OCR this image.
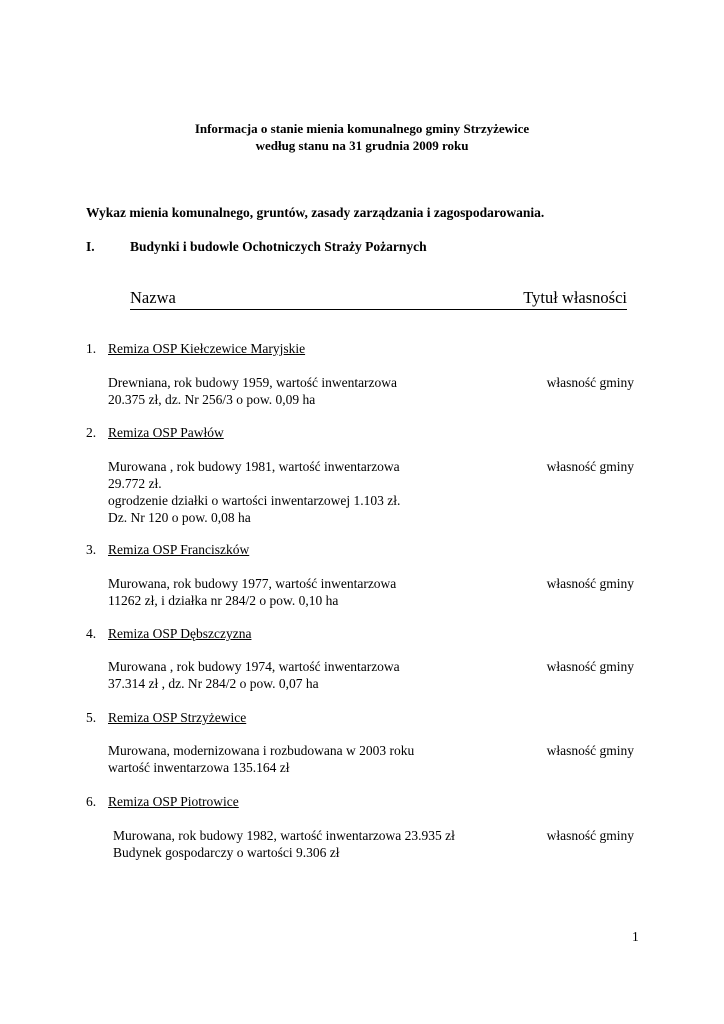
Informacja o stanie mienia komunalnego gminy Strzyżewice
według stanu na 31 grudnia 2009 roku
Wykaz mienia komunalnego, gruntów, zasady zarządzania i zagospodarowania.
I.	Budynki i budowle Ochotniczych Straży Pożarnych
Nazwa	Tytuł własności
1. Remiza OSP Kiełczewice Maryjskie
Drewniana, rok budowy 1959, wartość inwentarzowa
20.375 zł, dz. Nr 256/3 o pow. 0,09 ha
własność gminy
2. Remiza OSP Pawłów
Murowana , rok budowy 1981, wartość inwentarzowa
29.772 zł.
ogrodzenie działki o wartości inwentarzowej 1.103 zł.
Dz. Nr 120 o pow. 0,08 ha
własność gminy
3. Remiza OSP Franciszków
Murowana, rok budowy 1977, wartość inwentarzowa
11262 zł, i działka nr 284/2 o pow. 0,10 ha
własność gminy
4. Remiza OSP Dębszczyzna
Murowana , rok budowy 1974, wartość inwentarzowa
37.314 zł , dz. Nr 284/2 o pow. 0,07 ha
własność gminy
5. Remiza OSP Strzyżewice
Murowana, modernizowana i rozbudowana w 2003 roku
wartość inwentarzowa 135.164 zł
własność gminy
6. Remiza OSP Piotrowice
Murowana, rok budowy 1982, wartość inwentarzowa 23.935 zł
Budynek gospodarczy o wartości 9.306 zł
własność gminy
1
